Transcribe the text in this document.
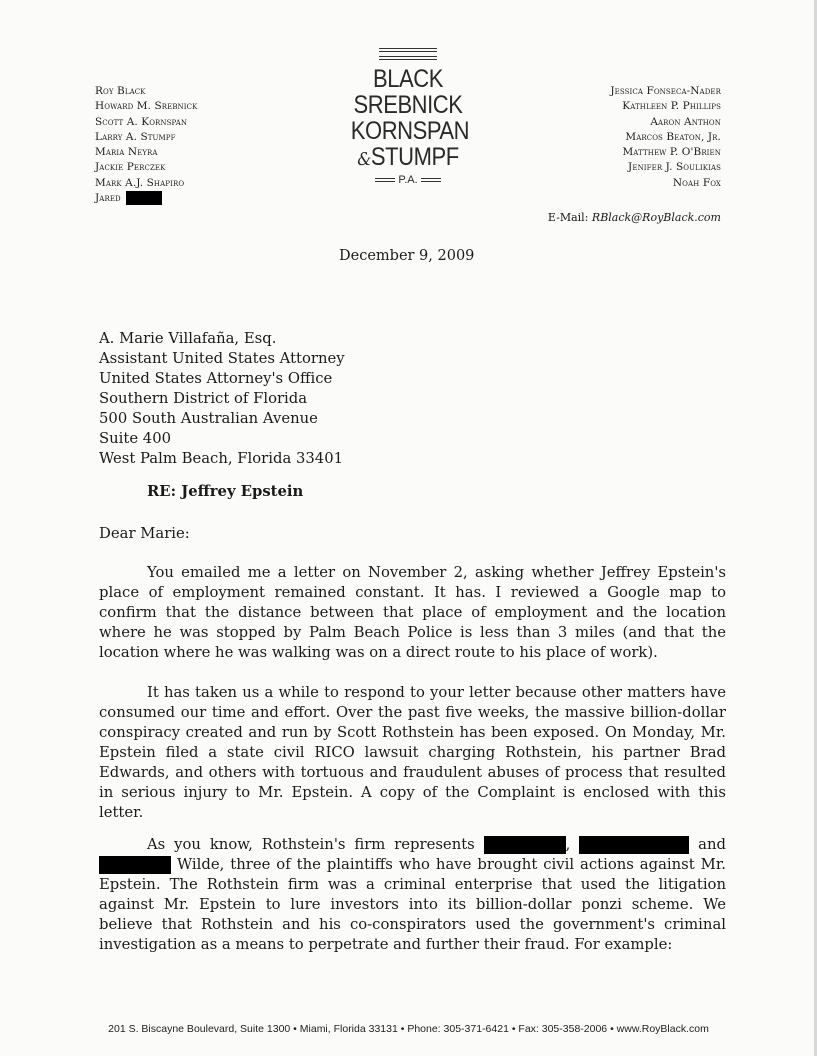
Roy Black
Howard M. Srebnick
Scott A. Kornspan
Larry A. Stumpf
Maria Neyra
Jackie Perczek
Mark A.J. Shapiro
Jared
BLACK
SREBNICK
KORNSPAN
&STUMPF
P.A.
Jessica Fonseca-Nader
Kathleen P. Phillips
Aaron Anthon
Marcos Beaton, Jr.
Matthew P. O'Brien
Jenifer J. Soulikias
Noah Fox
E-Mail: RBlack@RoyBlack.com
December 9, 2009
A. Marie Villafaña, Esq.
Assistant United States Attorney
United States Attorney's Office
Southern District of Florida
500 South Australian Avenue
Suite 400
West Palm Beach, Florida 33401
RE: Jeffrey Epstein
Dear Marie:
You emailed me a letter on November 2, asking whether Jeffrey Epstein's place of employment remained constant. It has. I reviewed a Google map to confirm that the distance between that place of employment and the location where he was stopped by Palm Beach Police is less than 3 miles (and that the location where he was walking was on a direct route to his place of work).
It has taken us a while to respond to your letter because other matters have consumed our time and effort. Over the past five weeks, the massive billion-dollar conspiracy created and run by Scott Rothstein has been exposed. On Monday, Mr. Epstein filed a state civil RICO lawsuit charging Rothstein, his partner Brad Edwards, and others with tortuous and fraudulent abuses of process that resulted in serious injury to Mr. Epstein. A copy of the Complaint is enclosed with this letter.
As you know, Rothstein's firm represents	,	and  Wilde, three of the plaintiffs who have brought civil actions against Mr. Epstein. The Rothstein firm was a criminal enterprise that used the litigation against Mr. Epstein to lure investors into its billion-dollar ponzi scheme. We believe that Rothstein and his co-conspirators used the government's criminal investigation as a means to perpetrate and further their fraud. For example:
201 S. Biscayne Boulevard, Suite 1300 • Miami, Florida 33131 • Phone: 305-371-6421 • Fax: 305-358-2006 • www.RoyBlack.com
